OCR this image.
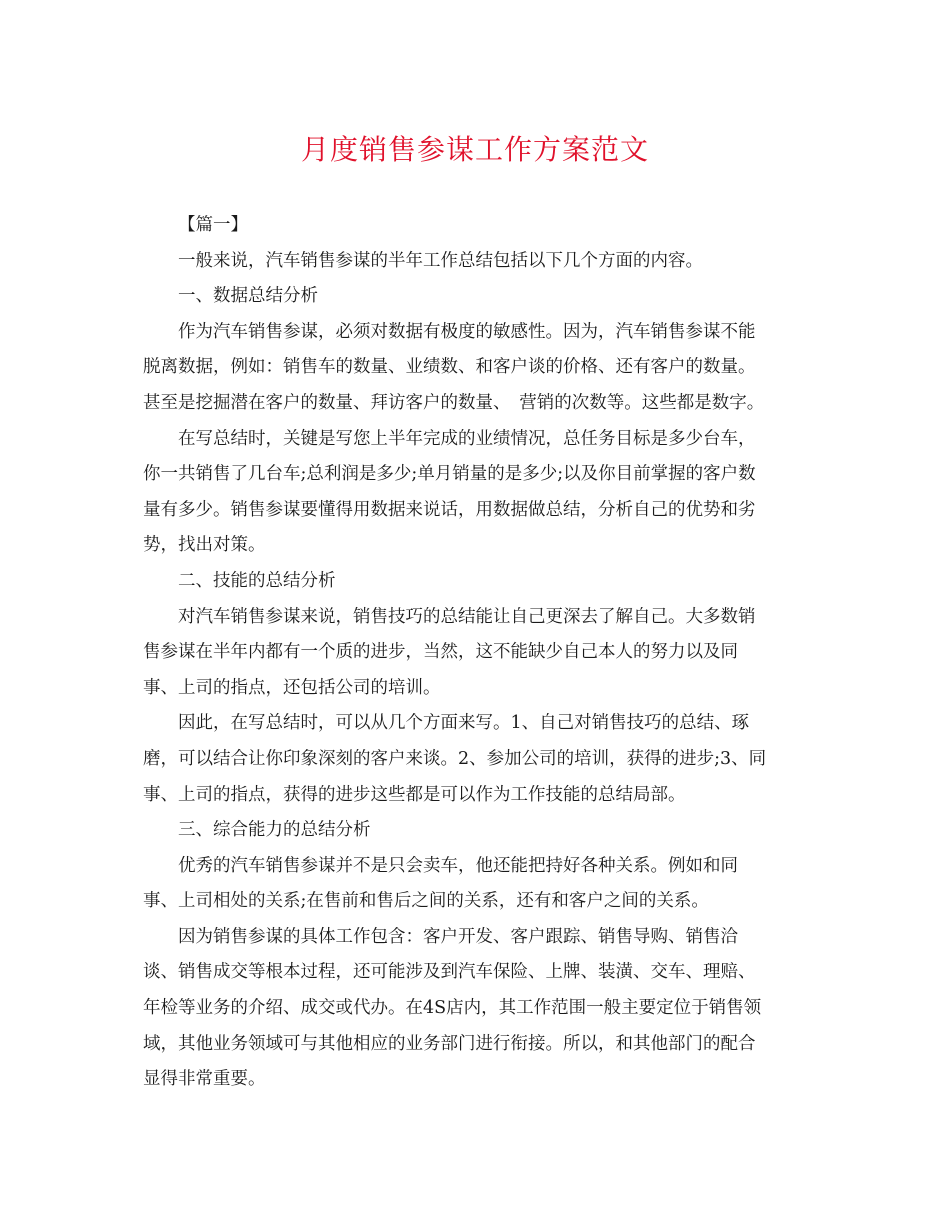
月度销售参谋工作方案范文

【篇一】

一般来说，汽车销售参谋的半年工作总结包括以下几个方面的内容。

一、数据总结分析

作为汽车销售参谋，必须对数据有极度的敏感性。因为，汽车销售参谋不能

脱离数据，例如：销售车的数量、业绩数、和客户谈的价格、还有客户的数量。

甚至是挖掘潜在客户的数量、拜访客户的数量、　营销的次数等。这些都是数字。

在写总结时，关键是写您上半年完成的业绩情况，总任务目标是多少台车，

你一共销售了几台车;总利润是多少;单月销量的是多少;以及你目前掌握的客户数

量有多少。销售参谋要懂得用数据来说话，用数据做总结，分析自己的优势和劣

势，找出对策。

二、技能的总结分析

对汽车销售参谋来说，销售技巧的总结能让自己更深去了解自己。大多数销

售参谋在半年内都有一个质的进步，当然，这不能缺少自己本人的努力以及同

事、上司的指点，还包括公司的培训。

因此，在写总结时，可以从几个方面来写。1、自己对销售技巧的总结、琢

磨，可以结合让你印象深刻的客户来谈。2、参加公司的培训，获得的进步;3、同

事、上司的指点，获得的进步这些都是可以作为工作技能的总结局部。

三、综合能力的总结分析

优秀的汽车销售参谋并不是只会卖车，他还能把持好各种关系。例如和同

事、上司相处的关系;在售前和售后之间的关系，还有和客户之间的关系。

因为销售参谋的具体工作包含：客户开发、客户跟踪、销售导购、销售洽

谈、销售成交等根本过程，还可能涉及到汽车保险、上牌、装潢、交车、理赔、

年检等业务的介绍、成交或代办。在4S店内，其工作范围一般主要定位于销售领

域，其他业务领域可与其他相应的业务部门进行衔接。所以，和其他部门的配合

显得非常重要。
